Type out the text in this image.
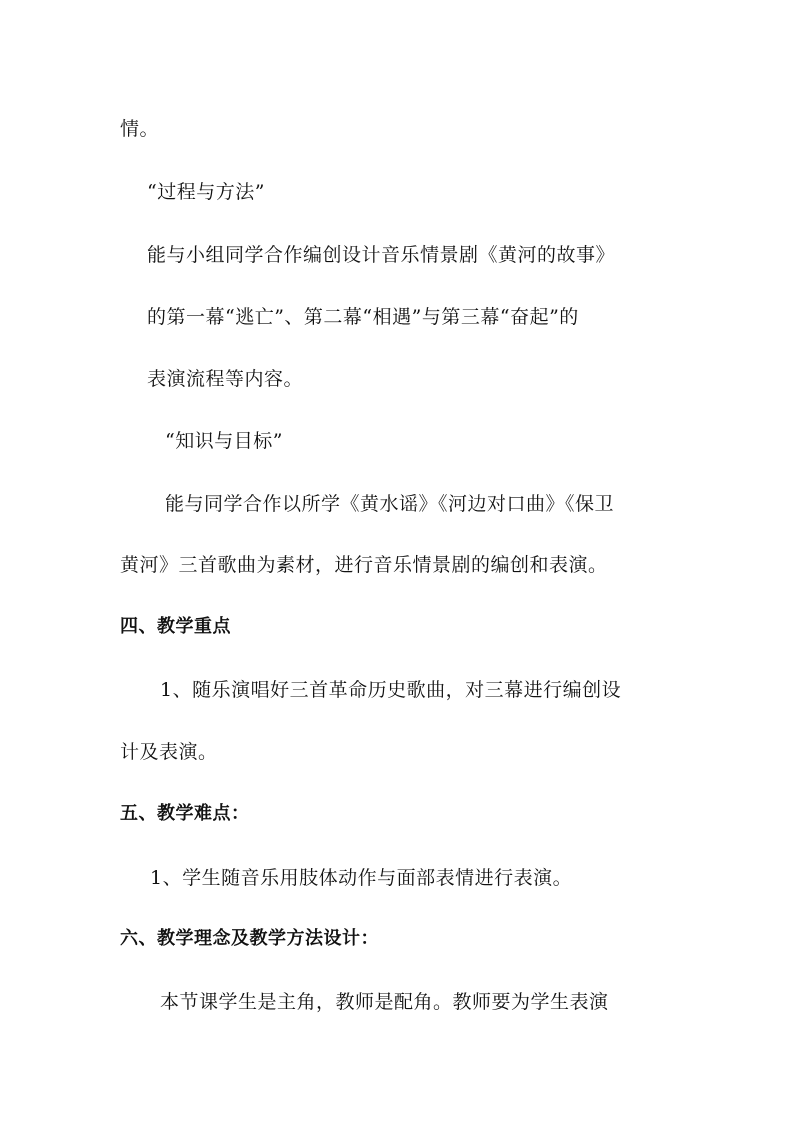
情。
“过程与方法”
能与小组同学合作编创设计音乐情景剧《黄河的故事》
的第一幕“逃亡”、第二幕“相遇”与第三幕“奋起”的
表演流程等内容。
“知识与目标”
能与同学合作以所学《黄水谣》《河边对口曲》《保卫
黄河》三首歌曲为素材，进行音乐情景剧的编创和表演。
四、教学重点
1、随乐演唱好三首革命历史歌曲，对三幕进行编创设
计及表演。
五、教学难点：
1、学生随音乐用肢体动作与面部表情进行表演。
六、教学理念及教学方法设计：
本节课学生是主角，教师是配角。教师要为学生表演
